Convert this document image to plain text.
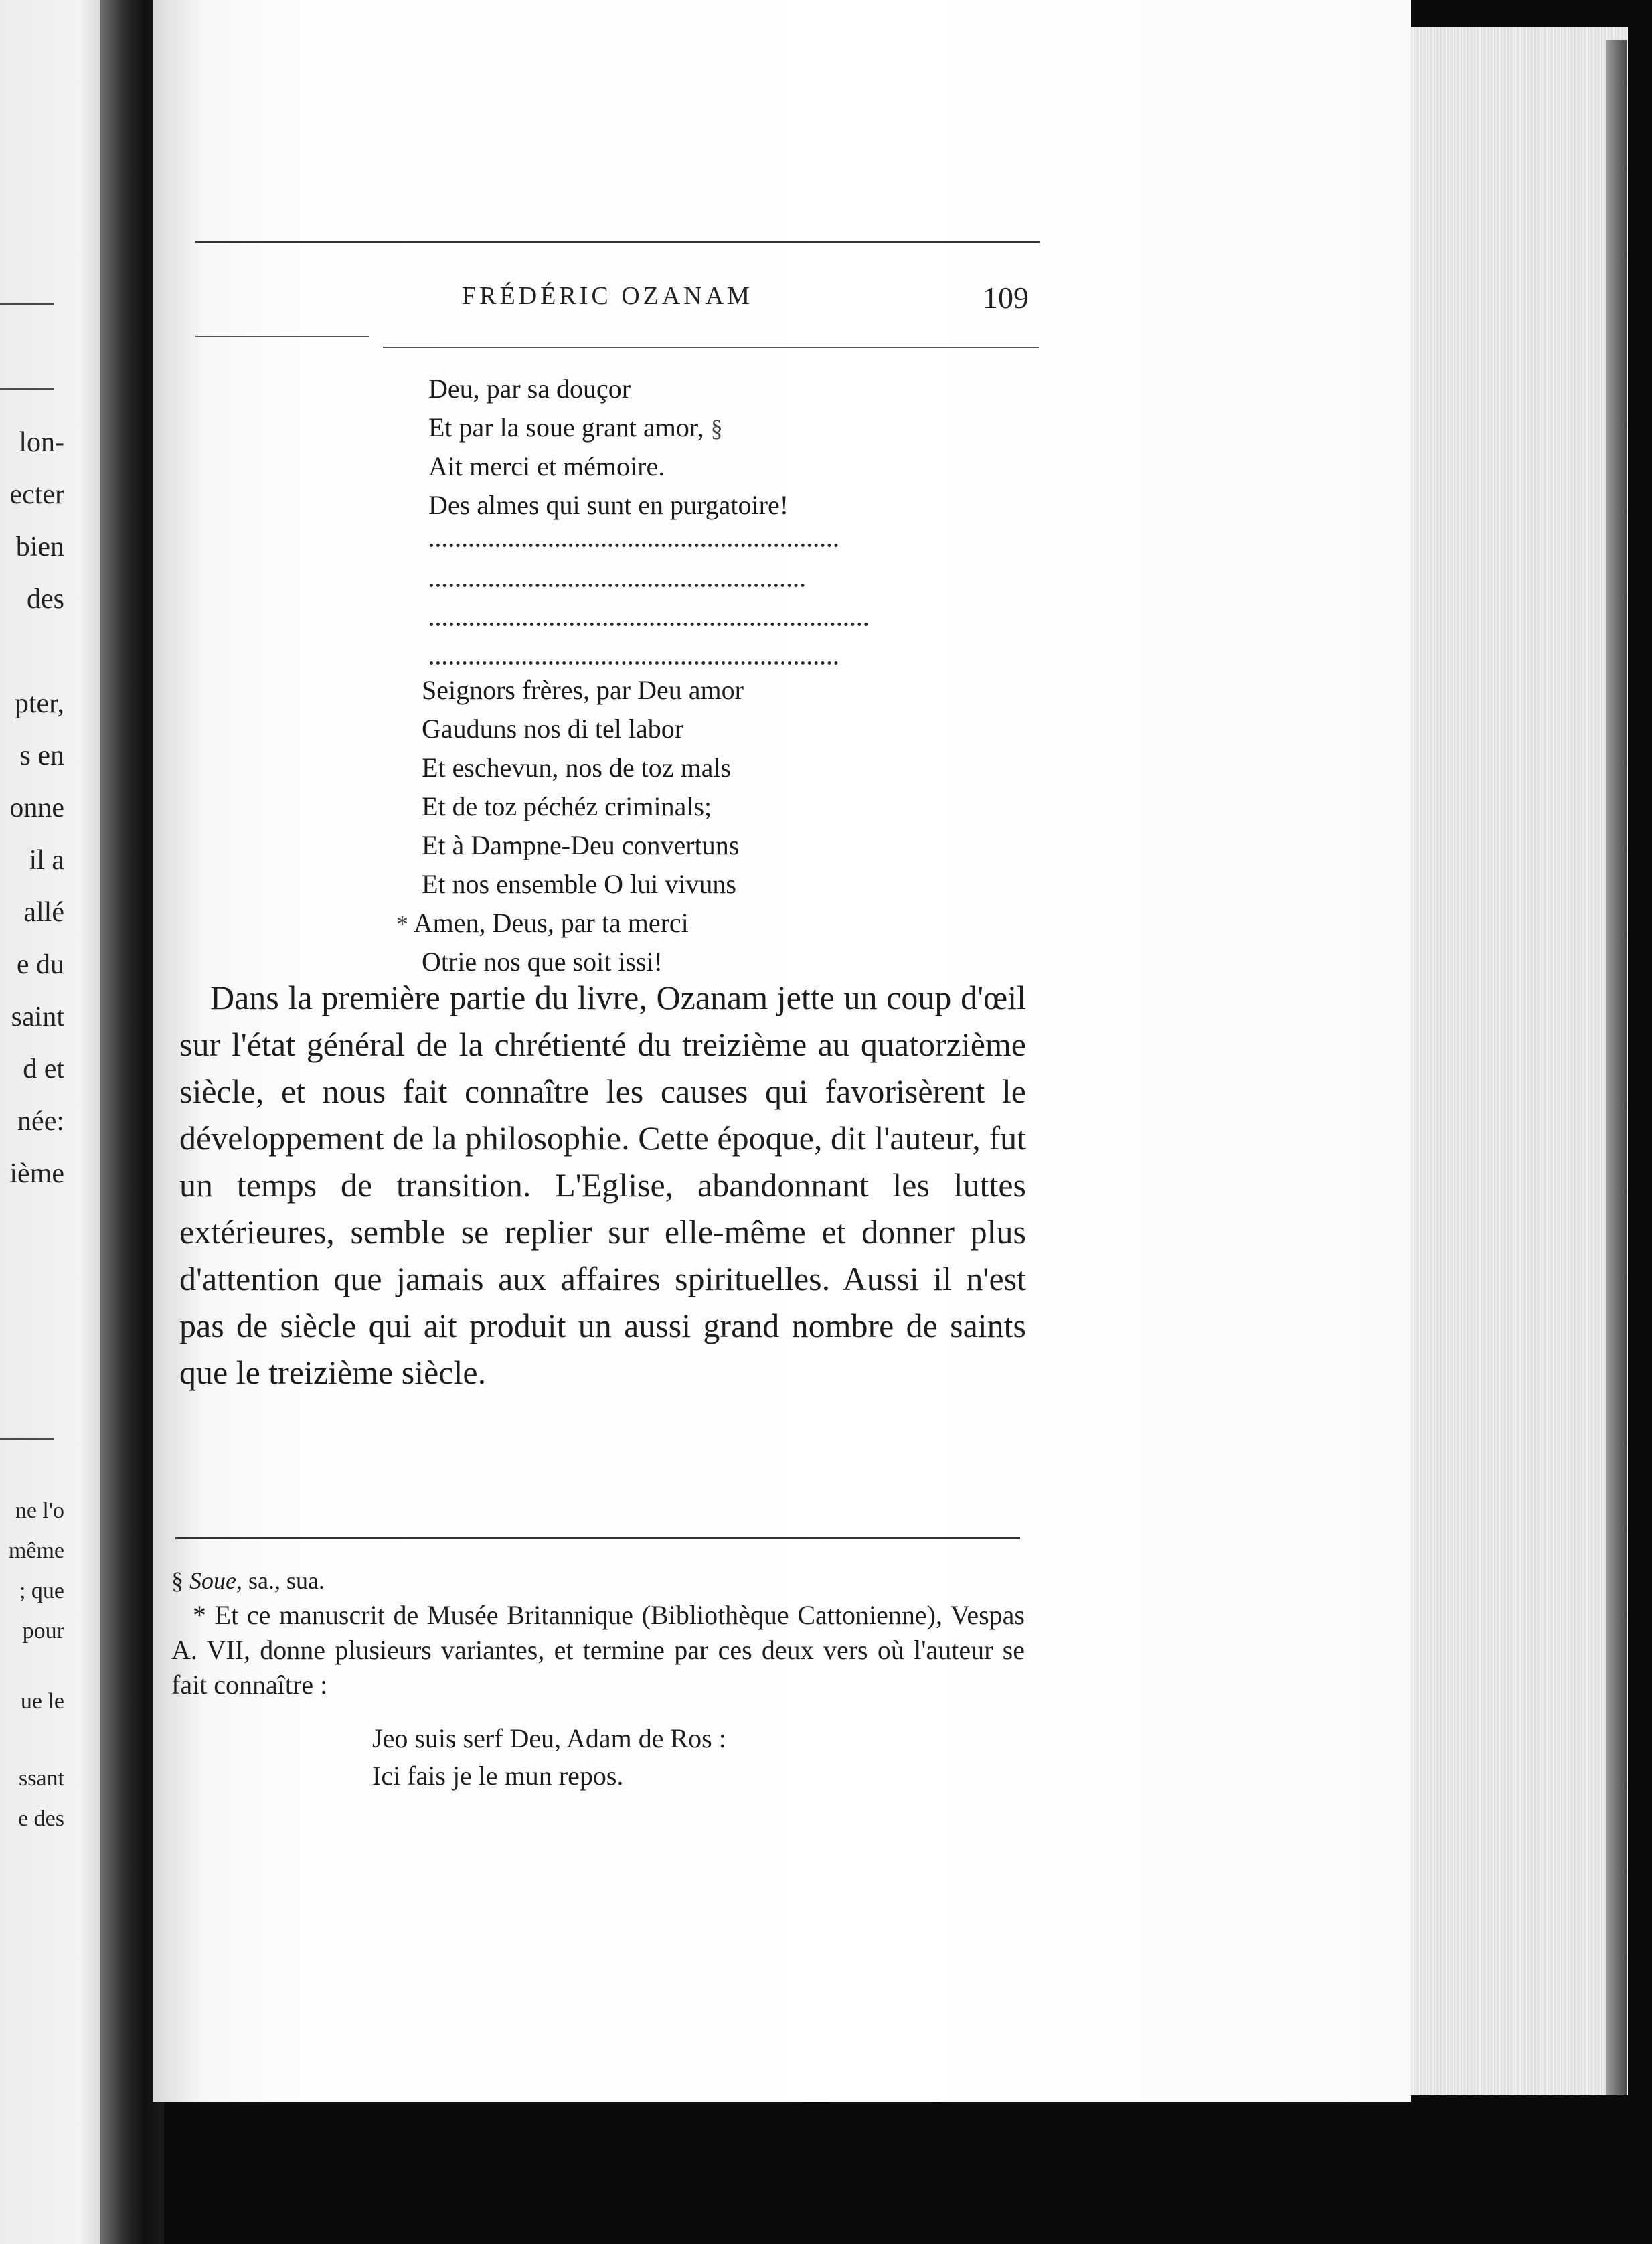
lon-
ecter
bien
des
pter,
s en
onne
il a
allé
e du
saint
d et
née:
ième
ne l'o
même
; que
pour
ue le
ssant
e des
FRÉDÉRIC OZANAM	109
Deu, par sa douçor
Et par la soue grant amor, §
Ait merci et mémoire.
Des almes qui sunt en purgatoire!
Seignors frères, par Deu amor
Gauduns nos di tel labor
Et eschevun, nos de toz mals
Et de toz péchéz criminals;
Et à Dampne-Deu convertuns
Et nos ensemble O lui vivuns
* Amen, Deus, par ta merci
Otrie nos que soit issi!

Dans la première partie du livre, Ozanam jette un coup d'œil sur l'état général de la chrétienté du treizième au quatorzième siècle, et nous fait connaître les causes qui favorisèrent le développement de la philosophie. Cette époque, dit l'auteur, fut un temps de transition. L'Eglise, abandonnant les luttes extérieures, semble se replier sur elle-même et donner plus d'attention que jamais aux affaires spirituelles. Aussi il n'est pas de siècle qui ait produit un aussi grand nombre de saints que le treizième siècle.

§ Soue, sa., sua.

* Et ce manuscrit de Musée Britannique (Bibliothèque Cattonienne), Vespas A. VII, donne plusieurs variantes, et termine par ces deux vers où l'auteur se fait connaître :

Jeo suis serf Deu, Adam de Ros :
Ici fais je le mun repos.
